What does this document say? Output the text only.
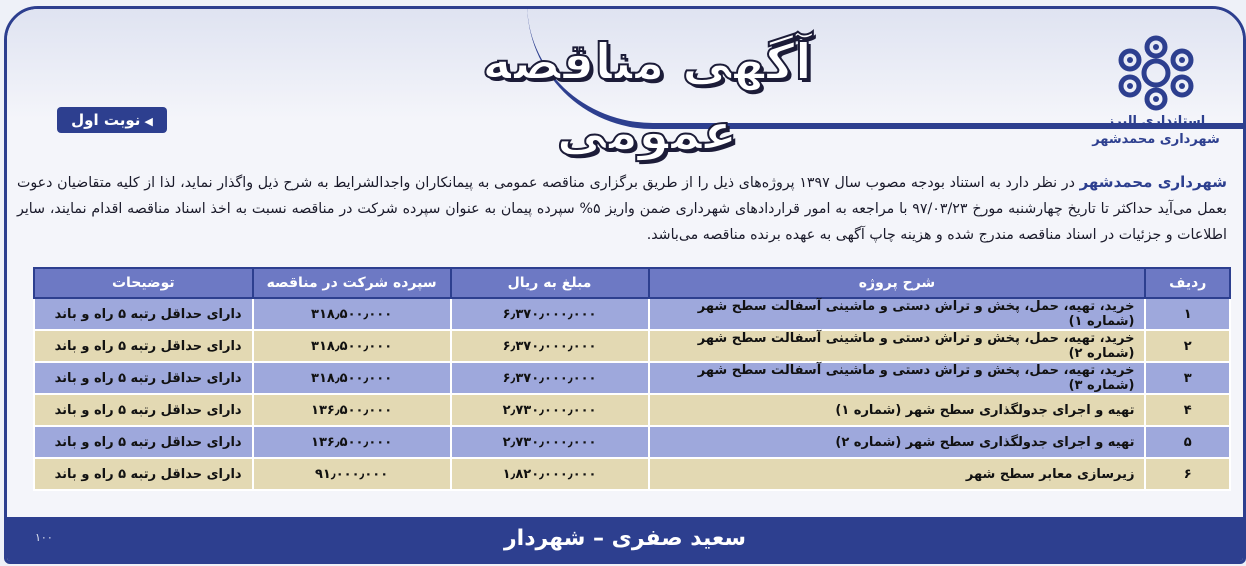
آگهی مناقصه عمومی	استانداری البرز
شهرداری محمدشهر
◀نوبت اول
شهرداری محمدشهر در نظر دارد به استناد بودجه مصوب سال ۱۳۹۷ پروژه‌های ذیل را از طریق برگزاری مناقصه عمومی به پیمانکاران واجدالشرایط به شرح ذیل واگذار نماید، لذا از کلیه متقاضیان دعوت بعمل می‌آید حداکثر تا تاریخ چهارشنبه مورخ ۹۷/۰۳/۲۳ با مراجعه به امور قراردادهای شهرداری ضمن واریز ۵% سپرده پیمان به عنوان سپرده شرکت در مناقصه نسبت به اخذ اسناد مناقصه اقدام نمایند، سایر اطلاعات و جزئیات در اسناد مناقصه مندرج شده و هزینه چاپ آگهی به عهده برنده مناقصه می‌باشد.
ردیف	شرح پروژه	مبلغ به ریال	سپرده شرکت در مناقصه	توضیحات
۱	خرید، تهیه، حمل، پخش و تراش دستی و ماشینی آسفالت سطح شهر (شماره ۱)	۶٫۳۷۰٫۰۰۰٫۰۰۰	۳۱۸٫۵۰۰٫۰۰۰	دارای حداقل رتبه ۵ راه و باند
۲	خرید، تهیه، حمل، پخش و تراش دستی و ماشینی آسفالت سطح شهر (شماره ۲)	۶٫۳۷۰٫۰۰۰٫۰۰۰	۳۱۸٫۵۰۰٫۰۰۰	دارای حداقل رتبه ۵ راه و باند
۳	خرید، تهیه، حمل، پخش و تراش دستی و ماشینی آسفالت سطح شهر (شماره ۳)	۶٫۳۷۰٫۰۰۰٫۰۰۰	۳۱۸٫۵۰۰٫۰۰۰	دارای حداقل رتبه ۵ راه و باند
۴	تهیه و اجرای جدولگذاری سطح شهر (شماره ۱)	۲٫۷۳۰٫۰۰۰٫۰۰۰	۱۳۶٫۵۰۰٫۰۰۰	دارای حداقل رتبه ۵ راه و باند
۵	تهیه و اجرای جدولگذاری سطح شهر (شماره ۲)	۲٫۷۳۰٫۰۰۰٫۰۰۰	۱۳۶٫۵۰۰٫۰۰۰	دارای حداقل رتبه ۵ راه و باند
۶	زیرسازی معابر سطح شهر	۱٫۸۲۰٫۰۰۰٫۰۰۰	۹۱٫۰۰۰٫۰۰۰	دارای حداقل رتبه ۵ راه و باند
سعید صفری – شهردار
۱۰۰
